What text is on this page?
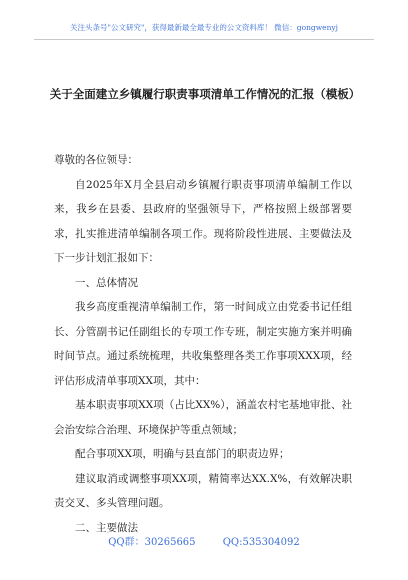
关注头条号"公文研究"，获得最新最全最专业的公文资料库！ 微信：gongwenyj
关于全面建立乡镇履行职责事项清单工作情况的汇报（模板）

尊敬的各位领导：

自2025年X月全县启动乡镇履行职责事项清单编制工作以来，我乡在县委、县政府的坚强领导下，严格按照上级部署要求，扎实推进清单编制各项工作。现将阶段性进展、主要做法及下一步计划汇报如下：

一、总体情况

我乡高度重视清单编制工作，第一时间成立由党委书记任组长、分管副书记任副组长的专项工作专班，制定实施方案并明确时间节点。通过系统梳理，共收集整理各类工作事项XXX项，经评估形成清单事项XX项，其中：

基本职责事项XX项（占比XX%），涵盖农村宅基地审批、社会治安综合治理、环境保护等重点领域；

配合事项XX项，明确与县直部门的职责边界；

建议取消或调整事项XX项，精简率达XX.X%，有效解决职责交叉、多头管理问题。

二、主要做法

QQ群：30265665	QQ:535304092
